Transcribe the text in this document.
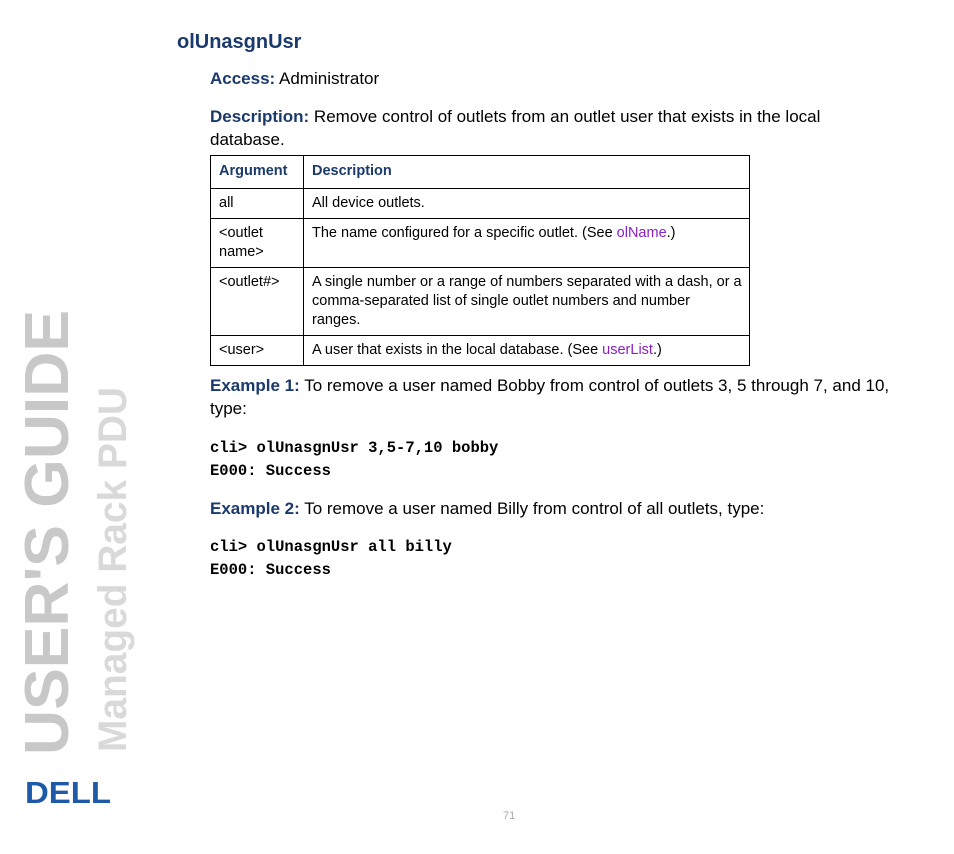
olUnasgnUsr
Access: Administrator
Description: Remove control of outlets from an outlet user that exists in the local database.
Argument	Description
all	All device outlets.
<outlet name>	The name configured for a specific outlet. (See olName.)
<outlet#>	A single number or a range of numbers separated with a dash, or a comma-separated list of single outlet numbers and number ranges.
<user>	A user that exists in the local database. (See userList.)
Example 1: To remove a user named Bobby from control of outlets 3, 5 through 7, and 10, type:
cli> olUnasgnUsr 3,5-7,10 bobby
E000: Success
Example 2: To remove a user named Billy from control of all outlets, type:
cli> olUnasgnUsr all billy
E000: Success
USER'S GUIDE Managed Rack PDU
DELL
71
